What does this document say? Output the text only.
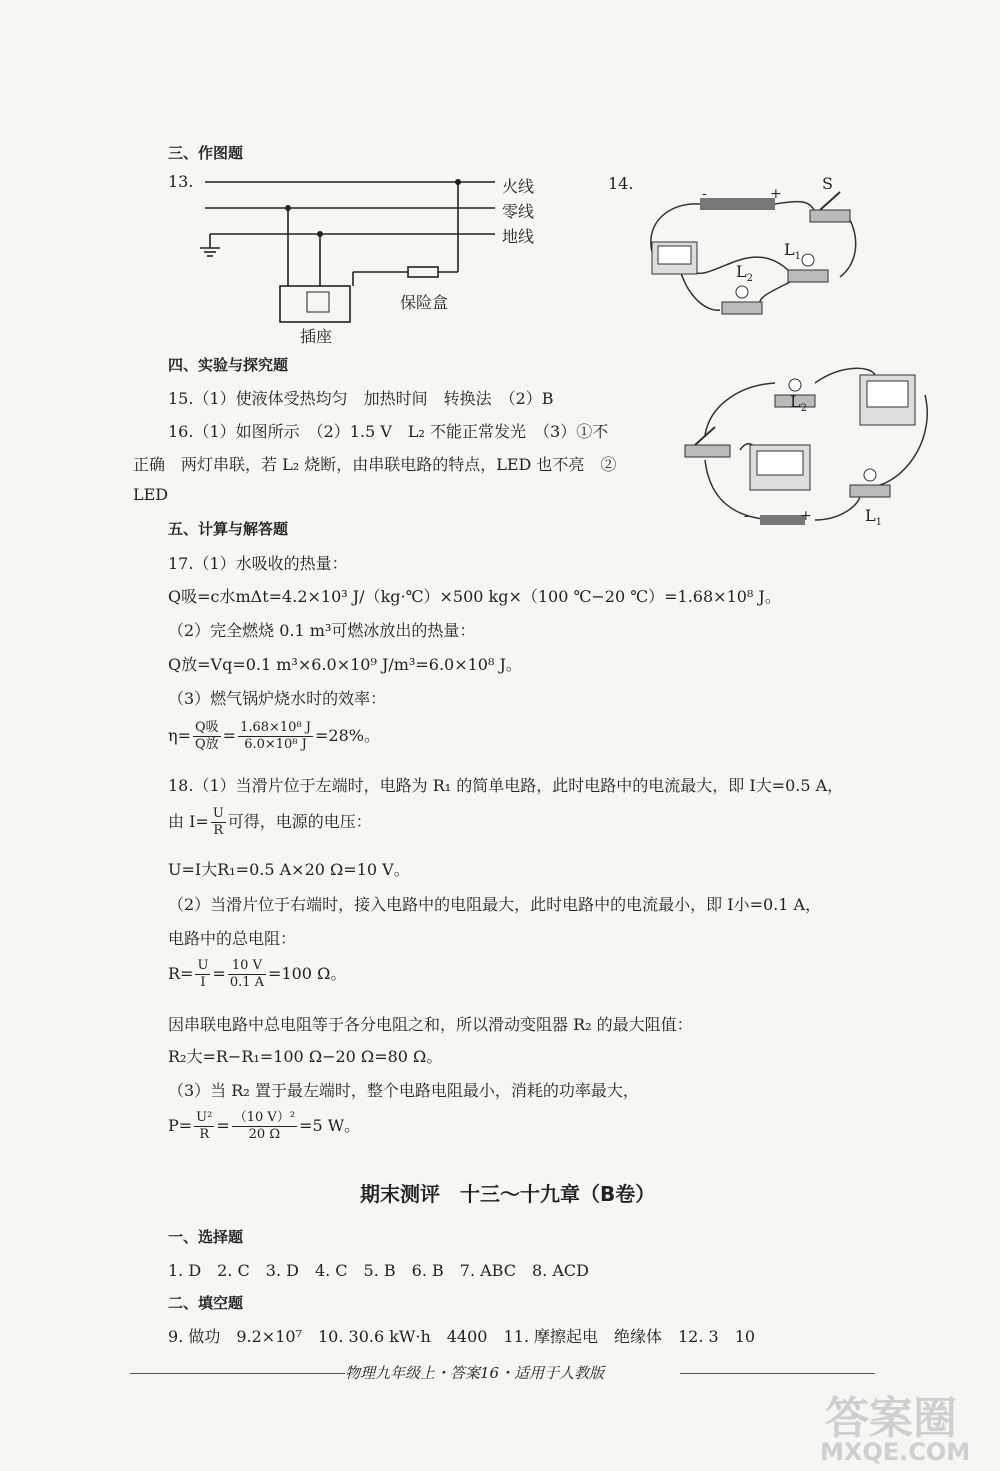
三、作图题
13.	火线
零线
地线
保险盒
插座
14.
-	+
S
$L_1$
$L_2$
四、实验与探究题
15.（1）使液体受热均匀　加热时间　转换法　（2）B
16.（1）如图所示　（2）1.5 V　L₂ 不能正常发光　（3）①不
正确　两灯串联，若 L₂ 烧断，由串联电路的特点，LED 也不亮　②
LED
$L_2$
$L_1$
-	+
五、计算与解答题
17.（1）水吸收的热量：
Q吸=c水mΔt=4.2×10³ J/（kg·℃）×500 kg×（100 ℃−20 ℃）=1.68×10⁸ J。
（2）完全燃烧 0.1 m³可燃冰放出的热量：
Q放=Vq=0.1 m³×6.0×10⁹ J/m³=6.0×10⁸ J。
（3）燃气锅炉烧水时的效率：
$\eta= \frac{\text{Q吸}}{\text{Q放}} = \frac{\text{1.68×10⁸ J}}{\text{6.0×10⁸ J}} =28\%$。
18.（1）当滑片位于左端时，电路为 R₁ 的简单电路，此时电路中的电流最大，即 I大=0.5 A，
由 $I= \frac{U}{R}$ 可得，电源的电压：
U=I大R₁=0.5 A×20 Ω=10 V。
（2）当滑片位于右端时，接入电路中的电阻最大，此时电路中的电流最小，即 I小=0.1 A，
电路中的总电阻：
$R= \frac{U}{I} = \frac{10 V}{0.1 A} =100$ Ω。
因串联电路中总电阻等于各分电阻之和，所以滑动变阻器 R₂ 的最大阻值：
R₂大=R−R₁=100 Ω−20 Ω=80 Ω。
（3）当 R₂ 置于最左端时，整个电路电阻最小，消耗的功率最大，
$P= \frac{\text{U²}}{R} = \frac{\text{（10 V）²}}{20 \Omega} =5$ W。
期末测评　十三～十九章（B卷）
一、选择题
1. D　2. C　3. D　4. C　5. B　6. B　7. ABC　8. ACD
二、填空题
9. 做功　9.2×10⁷　10. 30.6 kW·h　4400　11. 摩擦起电　绝缘体　12. 3　10
物理九年级上・答案16・适用于人教版
答案圈
MXQE.COM
